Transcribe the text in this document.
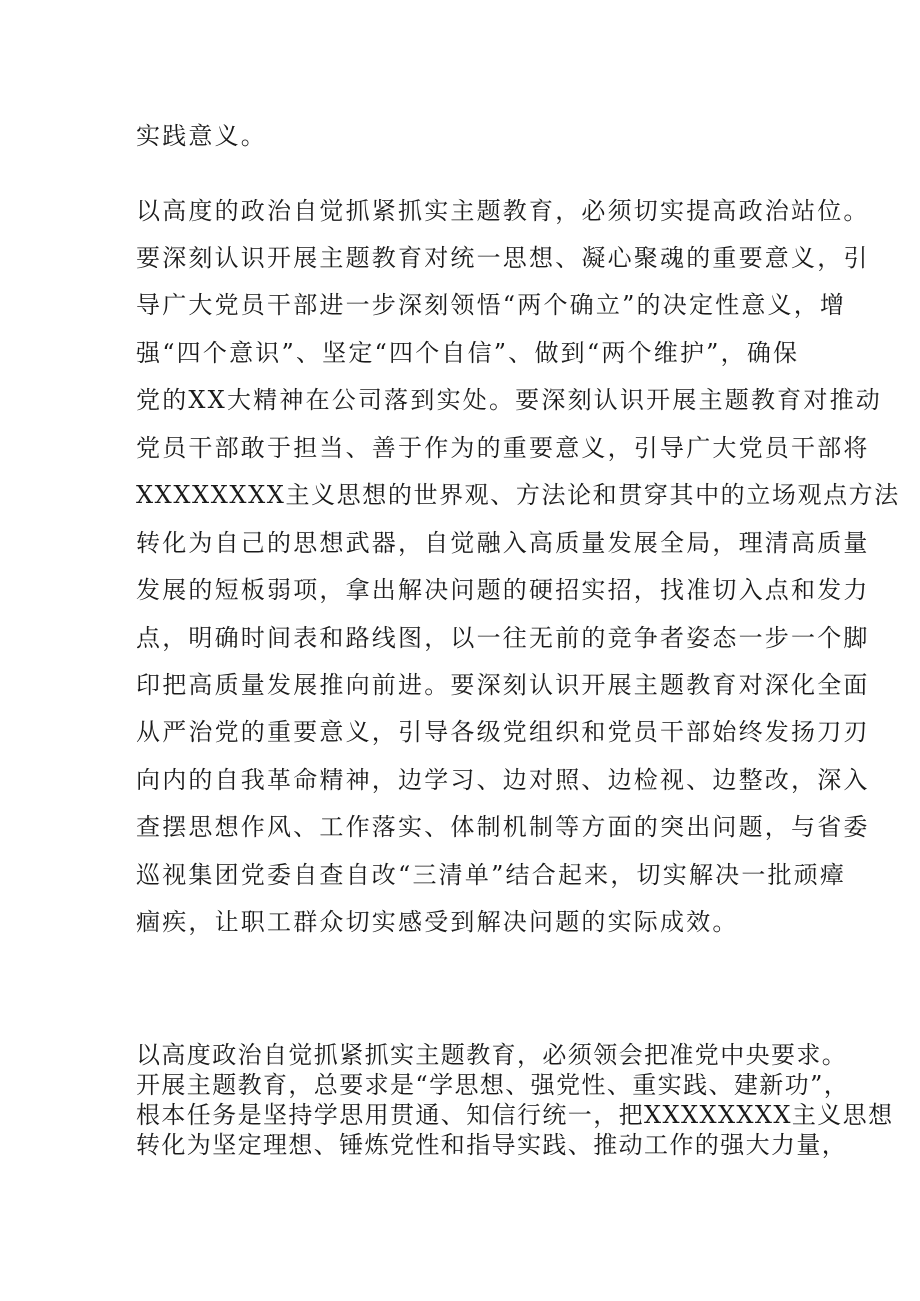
实践意义。

以高度的政治自觉抓紧抓实主题教育，必须切实提高政治站位。

要深刻认识开展主题教育对统一思想、凝心聚魂的重要意义，引

导广大党员干部进一步深刻领悟“两个确立”的决定性意义，增

强“四个意识”、坚定“四个自信”、做到“两个维护”，确保

党的XX大精神在公司落到实处。要深刻认识开展主题教育对推动

党员干部敢于担当、善于作为的重要意义，引导广大党员干部将

XXXXXXXX主义思想的世界观、方法论和贯穿其中的立场观点方法

转化为自己的思想武器，自觉融入高质量发展全局，理清高质量

发展的短板弱项，拿出解决问题的硬招实招，找准切入点和发力

点，明确时间表和路线图，以一往无前的竞争者姿态一步一个脚

印把高质量发展推向前进。要深刻认识开展主题教育对深化全面

从严治党的重要意义，引导各级党组织和党员干部始终发扬刀刃

向内的自我革命精神，边学习、边对照、边检视、边整改，深入

查摆思想作风、工作落实、体制机制等方面的突出问题，与省委

巡视集团党委自查自改“三清单”结合起来，切实解决一批顽瘴

痼疾，让职工群众切实感受到解决问题的实际成效。

以高度政治自觉抓紧抓实主题教育，必须领会把准党中央要求。

开展主题教育，总要求是“学思想、强党性、重实践、建新功”，

根本任务是坚持学思用贯通、知信行统一，把XXXXXXXX主义思想

转化为坚定理想、锤炼党性和指导实践、推动工作的强大力量，
